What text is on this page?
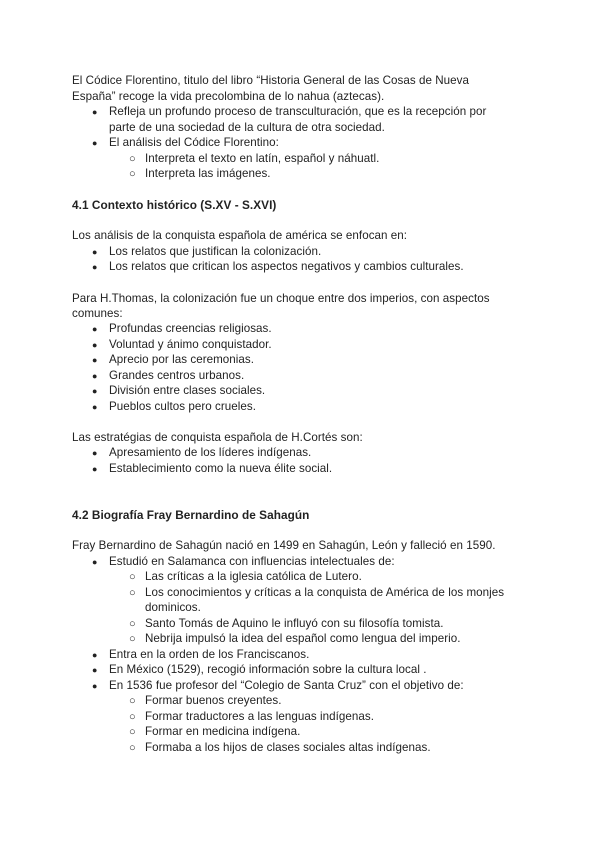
El Códice Florentino, titulo del libro “Historia General de las Cosas de Nueva
España” recoge la vida precolombina de lo nahua (aztecas).
● Refleja un profundo proceso de transculturación, que es la recepción por
parte de una sociedad de la cultura de otra sociedad.
● El análisis del Códice Florentino:
○ Interpreta el texto en latín, español y náhuatl.
○ Interpreta las imágenes.
4.1 Contexto histórico (S.XV - S.XVI)
Los análisis de la conquista española de américa se enfocan en:
● Los relatos que justifican la colonización.
● Los relatos que critican los aspectos negativos y cambios culturales.
Para H.Thomas, la colonización fue un choque entre dos imperios, con aspectos
comunes:
● Profundas creencias religiosas.
● Voluntad y ánimo conquistador.
● Aprecio por las ceremonias.
● Grandes centros urbanos.
● División entre clases sociales.
● Pueblos cultos pero crueles.
Las estratégias de conquista española de H.Cortés son:
● Apresamiento de los líderes indígenas.
● Establecimiento como la nueva élite social.
4.2 Biografía Fray Bernardino de Sahagún
Fray Bernardino de Sahagún nació en 1499 en Sahagún, León y falleció en 1590.
● Estudió en Salamanca con influencias intelectuales de:
○ Las críticas a la iglesia católica de Lutero.
○ Los conocimientos y críticas a la conquista de América de los monjes
dominicos.
○ Santo Tomás de Aquino le influyó con su filosofía tomista.
○ Nebrija impulsó la idea del español como lengua del imperio.
● Entra en la orden de los Franciscanos.
● En México (1529), recogió información sobre la cultura local .
● En 1536 fue profesor del “Colegio de Santa Cruz” con el objetivo de:
○ Formar buenos creyentes.
○ Formar traductores a las lenguas indígenas.
○ Formar en medicina indígena.
○ Formaba a los hijos de clases sociales altas indígenas.
